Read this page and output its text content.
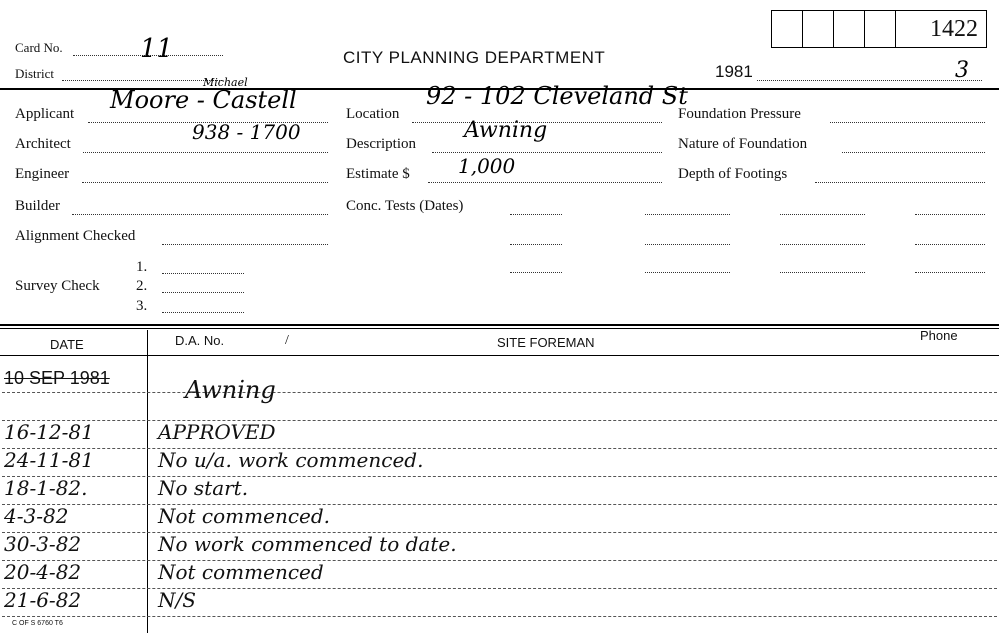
1422
Card No.	11
District
CITY PLANNING DEPARTMENT
1981	3
Applicant Moore - Castell
Michael
Architect	938 - 1700
Engineer
Builder
Alignment Checked
Survey Check
1.
2.
3.
Location
92 - 102 Cleveland St
Description
Awning
Estimate $ 1,000
Conc. Tests (Dates)
Foundation Pressure
Nature of Foundation
Depth of Footings
DATE	D.A. No.	/	SITE FOREMAN	Phone
10 SEP 1981	Awning
16-12-81	APPROVED
24-11-81	No u/a. work commenced.
18-1-82.	No start.
4-3-82	Not commenced.
30-3-82	No work commenced to date.
20-4-82	Not commenced
21-6-82	N/S
C OF S 6760 T6
